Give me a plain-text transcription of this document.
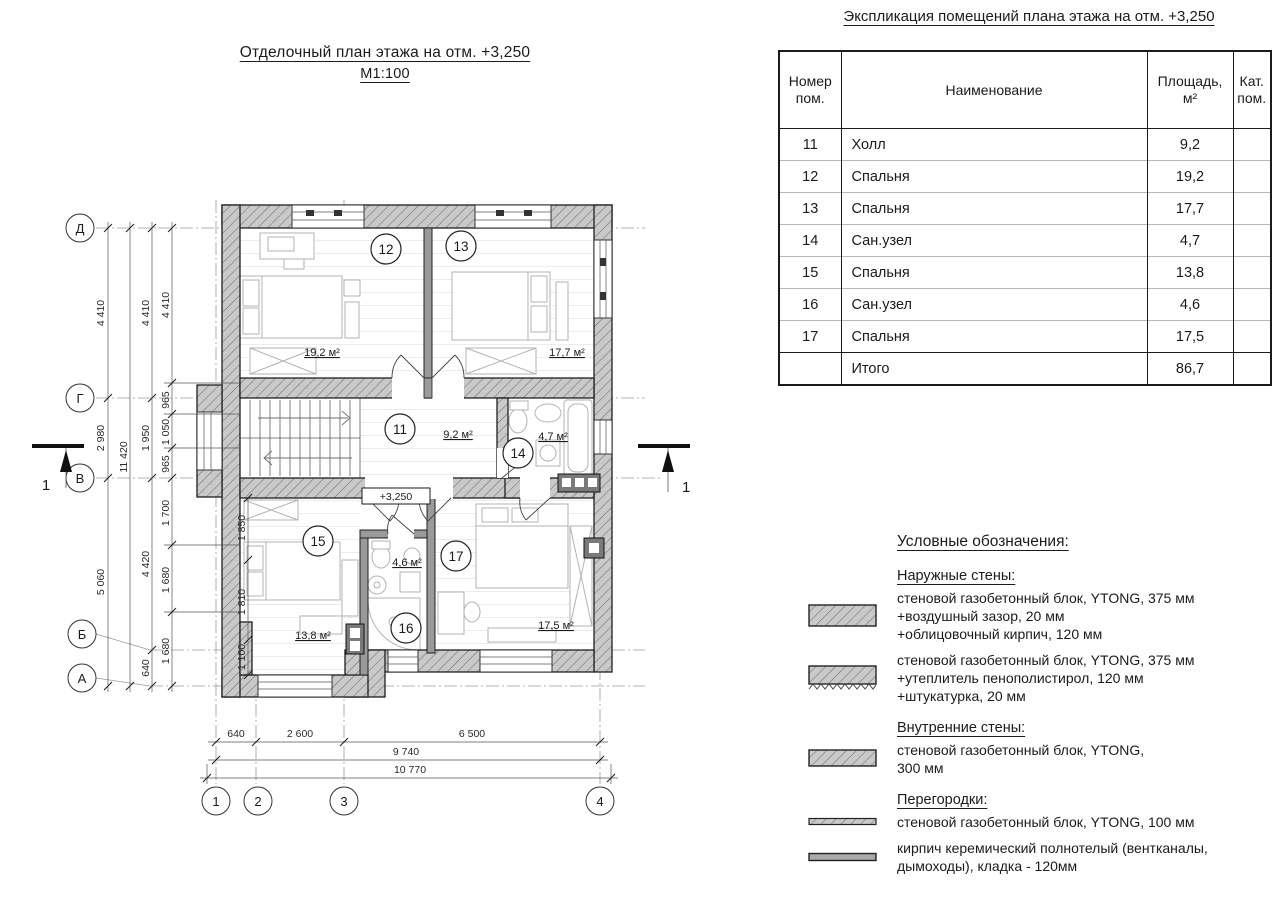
Отделочный план этажа на отм. +3,250
М1:100
+3,250
11
12	13
14
15
16
17
9,2 м²
19,2 м²	17,7 м²
4,7 м²
13,8 м²
4,6 м²
17,5 м²
4 410
2 980
5 060
11 420
4 410
1 950
4 420
640
4 410
965
1 050
965
1 700
1 680
1 680
1 850
1 810
1 100
640	2 600	6 500
9 740
10 770
Д
Г
В
Б
А
1	2	3	4
1	1
Экспликация помещений плана этажа на отм. +3,250
Номер пом.	Наименование	Площадь, м²	Кат. пом.
11	Холл	9,2	
12	Спальня	19,2	
13	Спальня	17,7	
14	Сан.узел	4,7	
15	Спальня	13,8	
16	Сан.узел	4,6	
17	Спальня	17,5	
	Итого	86,7	
Условные обозначения:
Наружные стены:
стеновой газобетонный блок, YTONG, 375 мм
+воздушный зазор, 20 мм
+облицовочный кирпич, 120 мм
стеновой газобетонный блок, YTONG, 375 мм
+утеплитель пенополистирол, 120 мм
+штукатурка, 20 мм
Внутренние стены:
стеновой газобетонный блок, YTONG,
300 мм
Перегородки:
стеновой газобетонный блок, YTONG, 100 мм
кирпич керемический полнотелый (вентканалы,
дымоходы), кладка - 120мм
